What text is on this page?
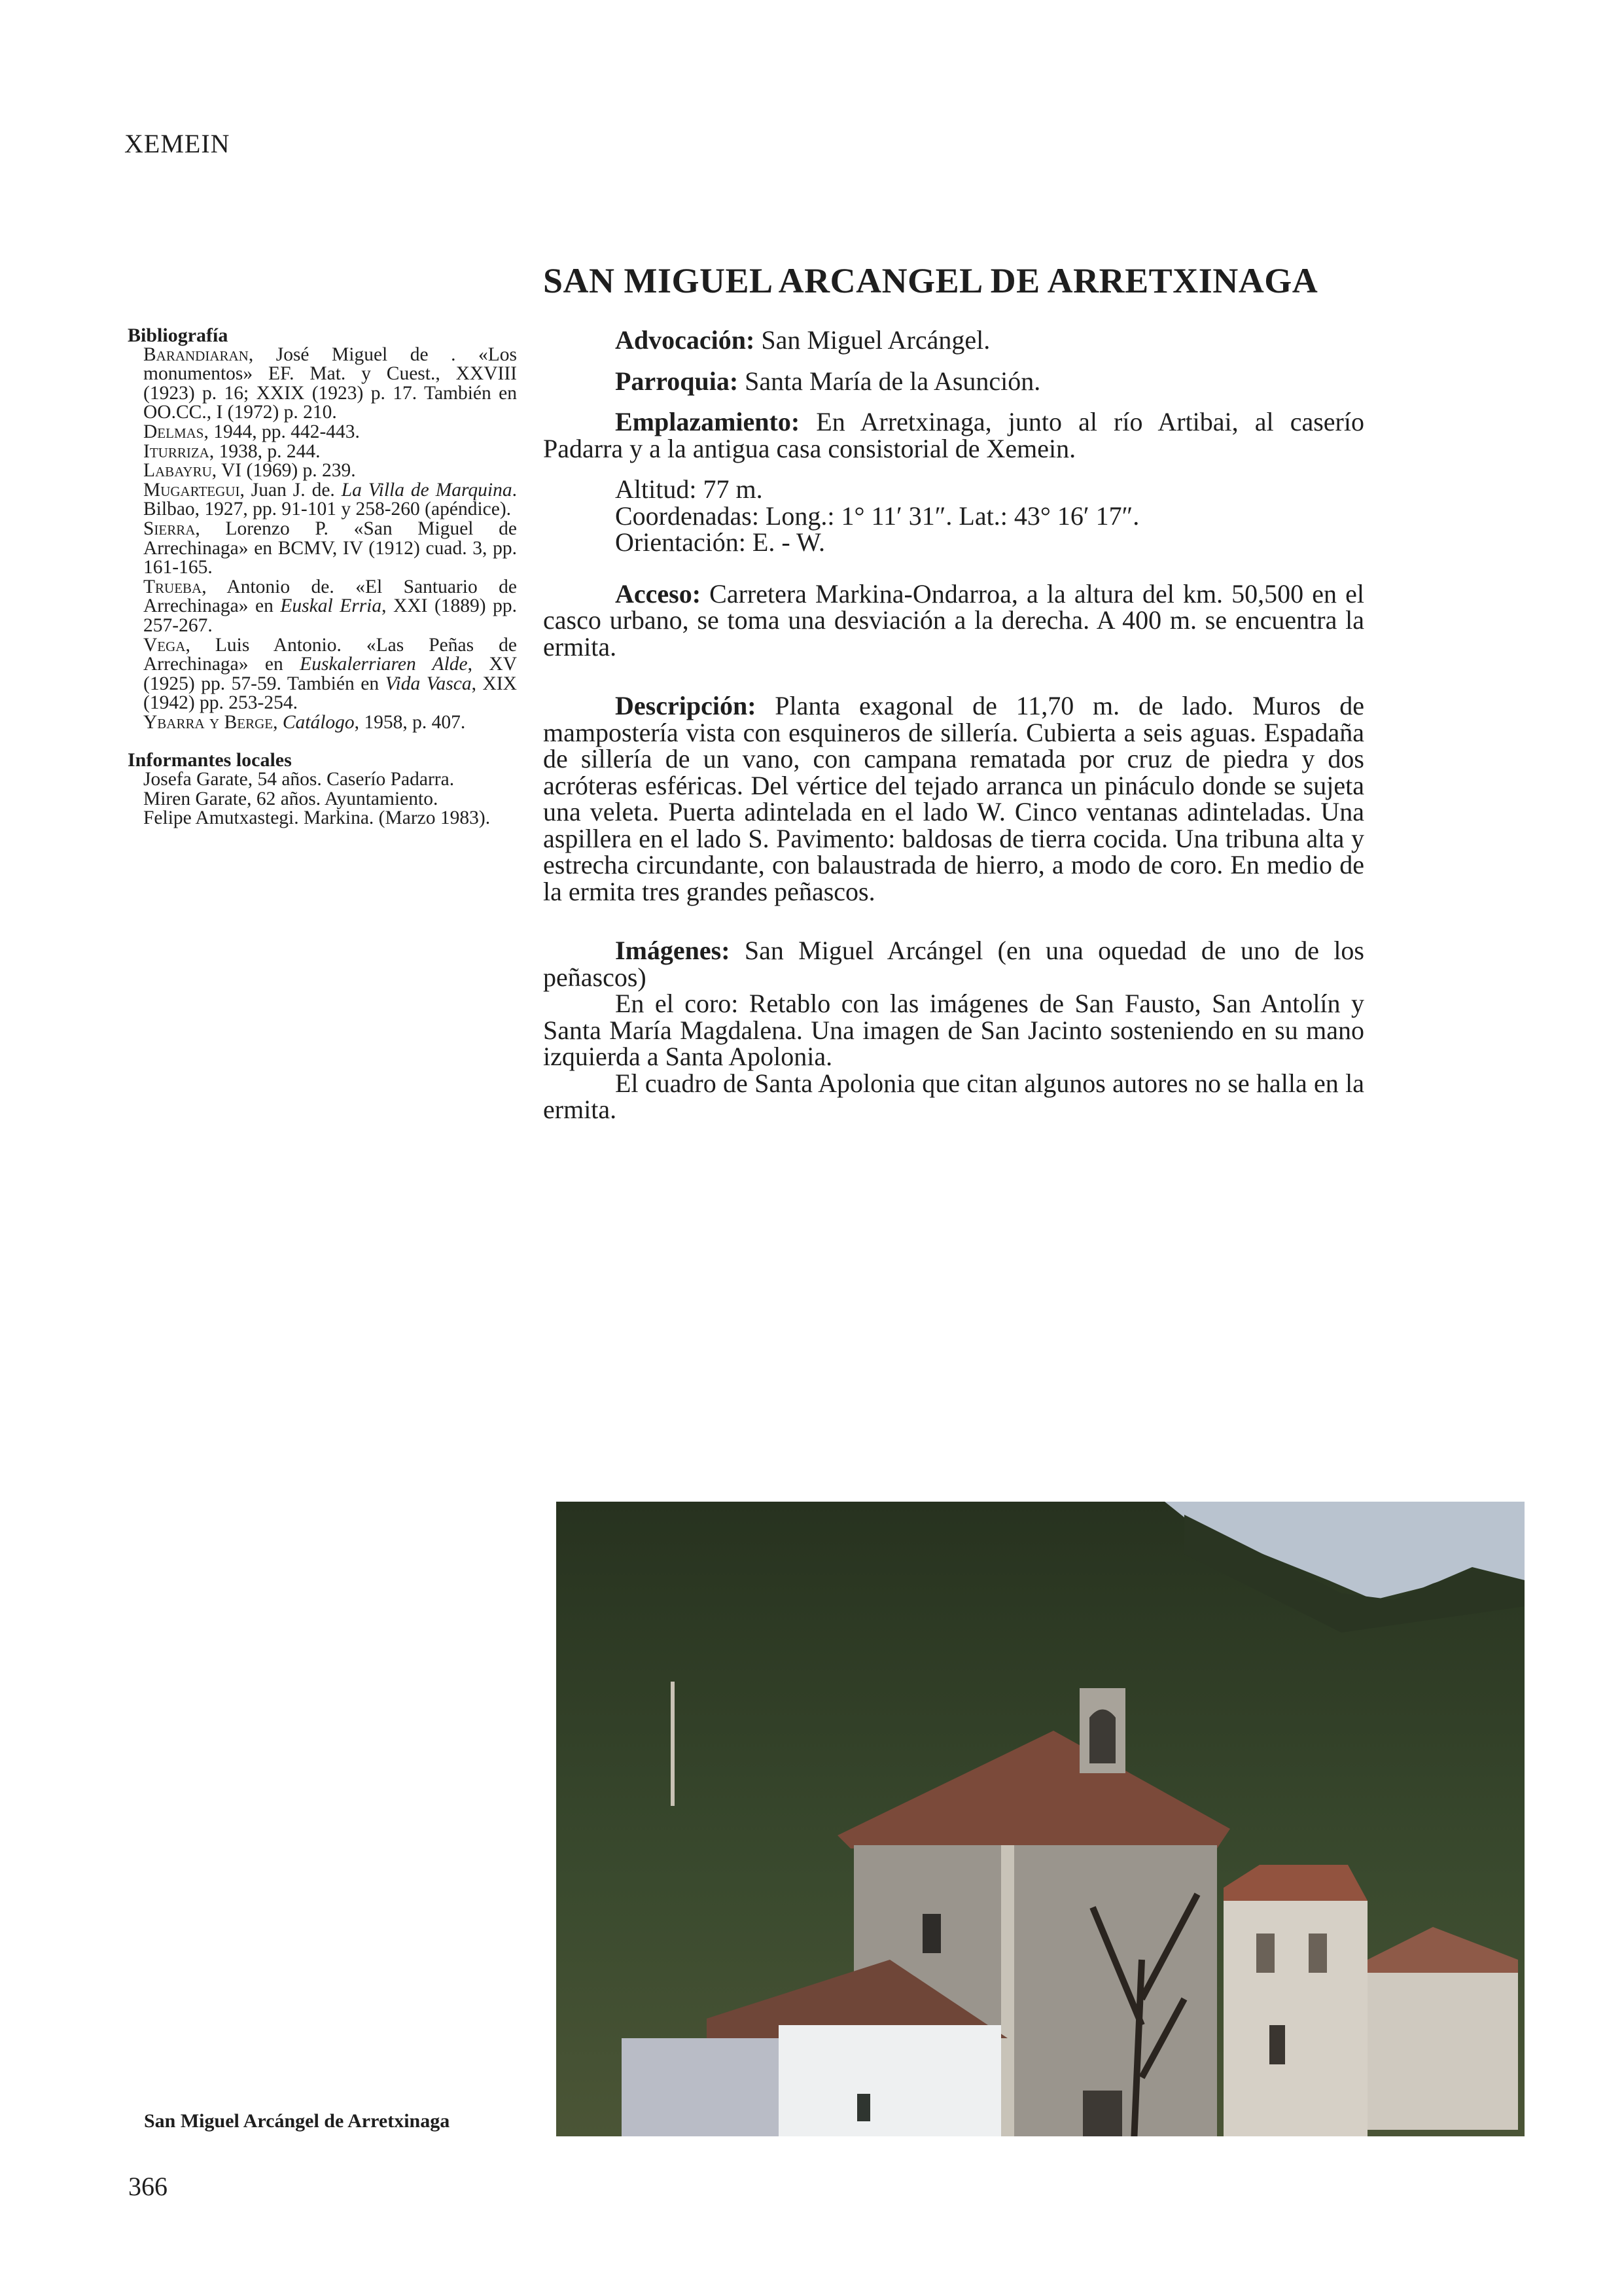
XEMEIN
SAN MIGUEL ARCANGEL DE ARRETXINAGA

Bibliografía

Barandiaran, José Miguel de . «Los monumentos» EF. Mat. y Cuest., XXVIII (1923) p. 16; XXIX (1923) p. 17. También en OO.CC., I (1972) p. 210.

Delmas, 1944, pp. 442-443.

Iturriza, 1938, p. 244.

Labayru, VI (1969) p. 239.

Mugartegui, Juan J. de. La Villa de Marquina. Bilbao, 1927, pp. 91-101 y 258-260 (apéndice).

Sierra, Lorenzo P. «San Miguel de Arrechinaga» en BCMV, IV (1912) cuad. 3, pp. 161-165.

Trueba, Antonio de. «El Santuario de Arrechinaga» en Euskal Erria, XXI (1889) pp. 257-267.

Vega, Luis Antonio. «Las Peñas de Arrechinaga» en Euskalerriaren Alde, XV (1925) pp. 57-59. También en Vida Vasca, XIX (1942) pp. 253-254.

Ybarra y Berge, Catálogo, 1958, p. 407.

Informantes locales

Josefa Garate, 54 años. Caserío Padarra.

Miren Garate, 62 años. Ayuntamiento.

Felipe Amutxastegi. Markina. (Marzo 1983).

Advocación: San Miguel Arcángel.

Parroquia: Santa María de la Asunción.

Emplazamiento: En Arretxinaga, junto al río Artibai, al caserío Padarra y a la antigua casa consistorial de Xemein.

Altitud: 77 m.

Coordenadas: Long.: 1° 11′ 31″. Lat.: 43° 16′ 17″.

Orientación: E. - W.

Acceso: Carretera Markina-Ondarroa, a la altura del km. 50,500 en el casco urbano, se toma una desviación a la derecha. A 400 m. se encuentra la ermita.

Descripción: Planta exagonal de 11,70 m. de lado. Muros de mampostería vista con esquineros de sillería. Cubierta a seis aguas. Espadaña de sillería de un vano, con campana rematada por cruz de piedra y dos acróteras esféricas. Del vértice del tejado arranca un pináculo donde se sujeta una veleta. Puerta adintelada en el lado W. Cinco ventanas adinteladas. Una aspillera en el lado S. Pavimento: baldosas de tierra cocida. Una tribuna alta y estrecha circundante, con balaustrada de hierro, a modo de coro. En medio de la ermita tres grandes peñascos.

Imágenes: San Miguel Arcángel (en una oquedad de uno de los peñascos)

En el coro: Retablo con las imágenes de San Fausto, San Antolín y Santa María Magdalena. Una imagen de San Jacinto sosteniendo en su mano izquierda a Santa Apolonia.

El cuadro de Santa Apolonia que citan algunos autores no se halla en la ermita.

San Miguel Arcángel de Arretxinaga
366
